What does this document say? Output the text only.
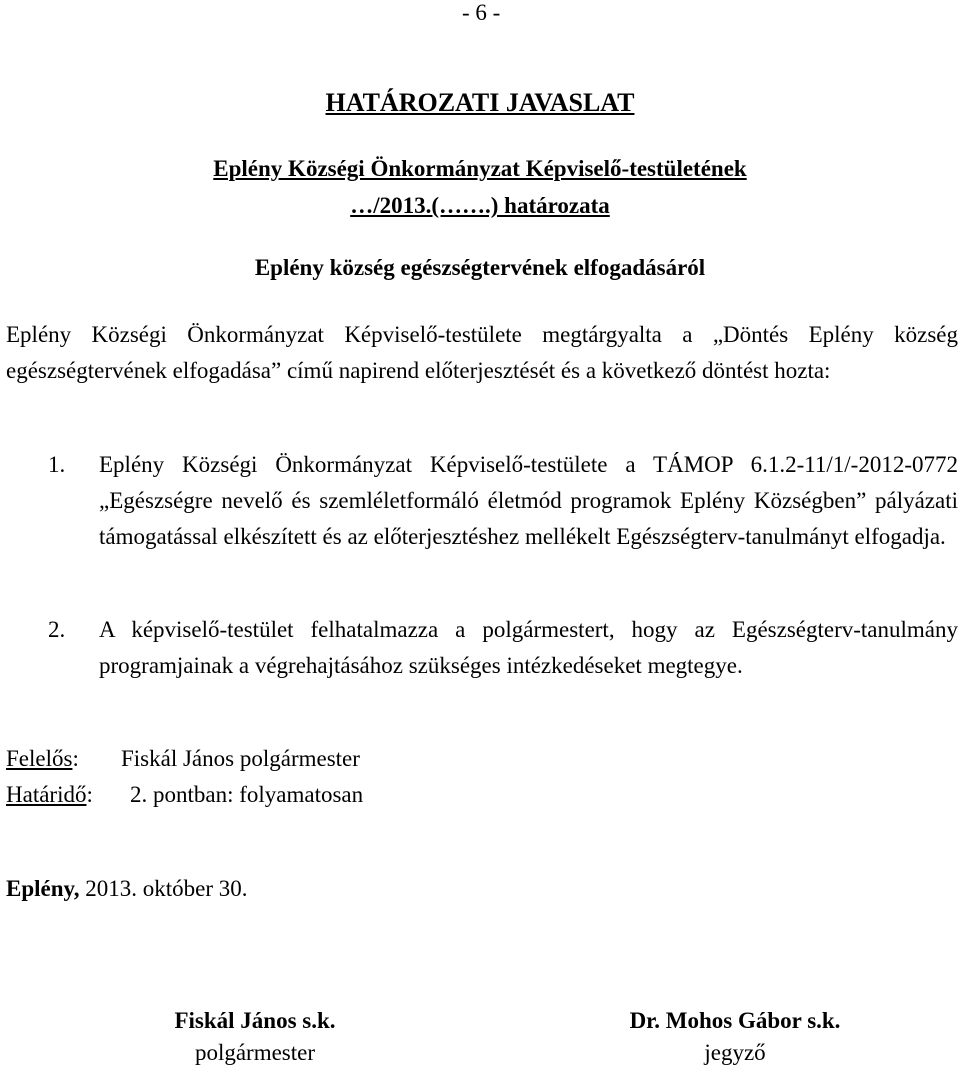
- 6 -
HATÁROZATI JAVASLAT
Eplény Községi Önkormányzat Képviselő-testületének
…/2013.(…….) határozata
Eplény község egészségtervének elfogadásáról
Eplény Községi Önkormányzat Képviselő-testülete megtárgyalta a „Döntés Eplény község egészségtervének elfogadása” című napirend előterjesztését és a következő döntést hozta:
1. Eplény Községi Önkormányzat Képviselő-testülete a TÁMOP 6.1.2-11/1/-2012-0772 „Egészségre nevelő és szemléletformáló életmód programok Eplény Községben” pályázati támogatással elkészített és az előterjesztéshez mellékelt Egészségterv-tanulmányt elfogadja.
2. A képviselő-testület felhatalmazza a polgármestert, hogy az Egészségterv-tanulmány programjainak a végrehajtásához szükséges intézkedéseket megtegye.
Felelős: Fiskál János polgármester
Határidő: 2. pontban: folyamatosan
Eplény, 2013. október 30.
Fiskál János s.k.
polgármester
Dr. Mohos Gábor s.k.
jegyző
